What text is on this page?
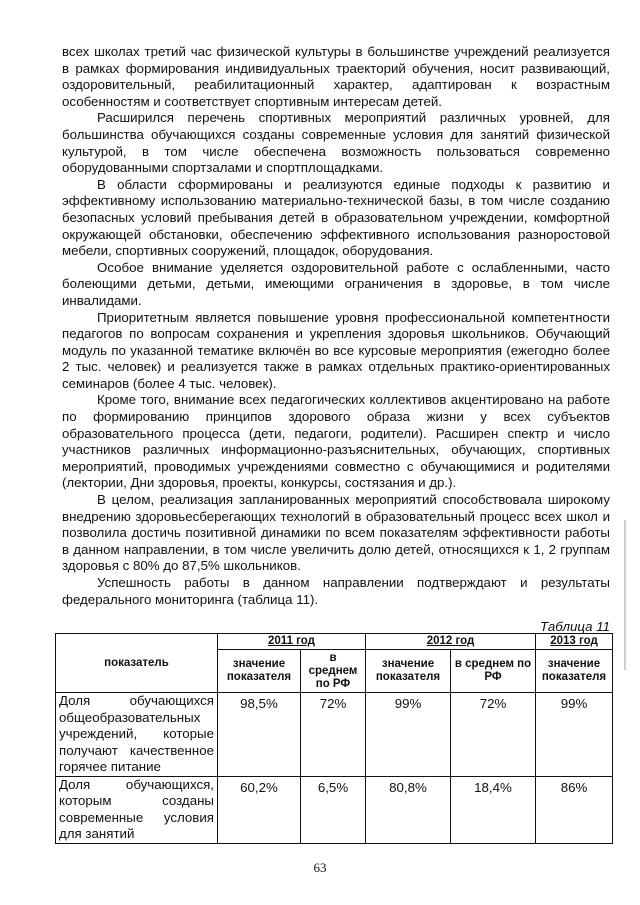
всех школах третий час физической культуры в большинстве учреждений реализуется в рамках формирования индивидуальных траекторий обучения, носит развивающий, оздоровительный, реабилитационный характер, адаптирован к возрастным особенностям и соответствует спортивным интересам детей.

Расширился перечень спортивных мероприятий различных уровней, для большинства обучающихся созданы современные условия для занятий физической культурой, в том числе обеспечена возможность пользоваться современно оборудованными спортзалами и спортплощадками.

В области сформированы и реализуются единые подходы к развитию и эффективному использованию материально-технической базы, в том числе созданию безопасных условий пребывания детей в образовательном учреждении, комфортной окружающей обстановки, обеспечению эффективного использования разноростовой мебели, спортивных сооружений, площадок, оборудования.

Особое внимание уделяется оздоровительной работе с ослабленными, часто болеющими детьми, детьми, имеющими ограничения в здоровье, в том числе инвалидами.

Приоритетным является повышение уровня профессиональной компетентности педагогов по вопросам сохранения и укрепления здоровья школьников. Обучающий модуль по указанной тематике включён во все курсовые мероприятия (ежегодно более 2 тыс. человек) и реализуется также в рамках отдельных практико-ориентированных семинаров (более 4 тыс. человек).

Кроме того, внимание всех педагогических коллективов акцентировано на работе по формированию принципов здорового образа жизни у всех субъектов образовательного процесса (дети, педагоги, родители). Расширен спектр и число участников различных информационно-разъяснительных, обучающих, спортивных мероприятий, проводимых учреждениями совместно с обучающимися и родителями (лектории, Дни здоровья, проекты, конкурсы, состязания и др.).

В целом, реализация запланированных мероприятий способствовала широкому внедрению здоровьесберегающих технологий в образовательный процесс всех школ и позволила достичь позитивной динамики по всем показателям эффективности работы в данном направлении, в том числе увеличить долю детей, относящихся к 1, 2 группам здоровья с 80% до 87,5% школьников.

Успешность работы в данном направлении подтверждают и результаты федерального мониторинга (таблица 11).

Таблица 11
показатель	2011 год		2012 год		2013 год
	значение показателя	в среднем по РФ	значение показателя	в среднем по РФ	значение показателя
Доля обучающихся общеобразовательных учреждений, которые получают качественное горячее питание	98,5%	72%	99%	72%	99%
Доля обучающихся, которым созданы современные условия для занятий	60,2%	6,5%	80,8%	18,4%	86%
63
